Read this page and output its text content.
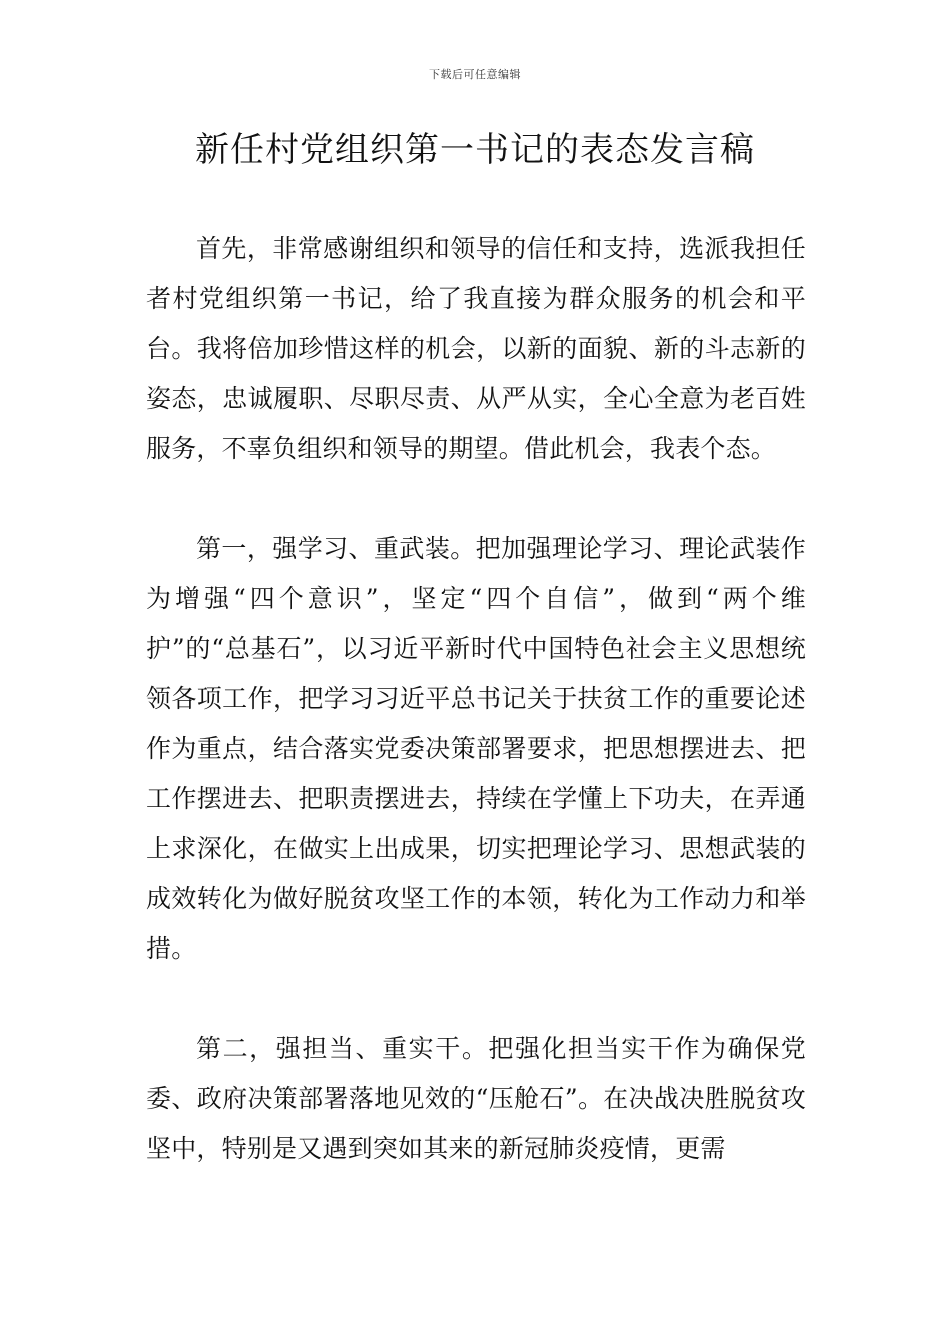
下载后可任意编辑
新任村党组织第一书记的表态发言稿

首先，非常感谢组织和领导的信任和支持，选派我担任者村党组织第一书记，给了我直接为群众服务的机会和平台。我将倍加珍惜这样的机会，以新的面貌、新的斗志新的姿态，忠诚履职、尽职尽责、从严从实，全心全意为老百姓服务，不辜负组织和领导的期望。借此机会，我表个态。

第一，强学习、重武装。把加强理论学习、理论武装作为增强“四个意识”，坚定“四个自信”，做到“两个维护”的“总基石”，以习近平新时代中国特色社会主义思想统领各项工作，把学习习近平总书记关于扶贫工作的重要论述作为重点，结合落实党委决策部署要求，把思想摆进去、把工作摆进去、把职责摆进去，持续在学懂上下功夫，在弄通上求深化，在做实上出成果，切实把理论学习、思想武装的成效转化为做好脱贫攻坚工作的本领，转化为工作动力和举措。

第二，强担当、重实干。把强化担当实干作为确保党委、政府决策部署落地见效的“压舱石”。在决战决胜脱贫攻坚中，特别是又遇到突如其来的新冠肺炎疫情，更需
